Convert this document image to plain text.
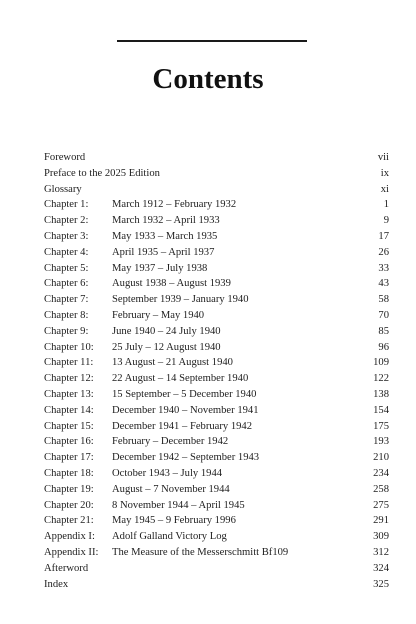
Contents
Foreword	vii
Preface to the 2025 Edition	ix
Glossary	xi
Chapter 1: March 1912 – February 1932	1
Chapter 2: March 1932 – April 1933	9
Chapter 3: May 1933 – March 1935	17
Chapter 4: April 1935 – April 1937	26
Chapter 5: May 1937 – July 1938	33
Chapter 6: August 1938 – August 1939	43
Chapter 7: September 1939 – January 1940	58
Chapter 8: February – May 1940	70
Chapter 9: June 1940 – 24 July 1940	85
Chapter 10: 25 July – 12 August 1940	96
Chapter 11: 13 August – 21 August 1940	109
Chapter 12: 22 August – 14 September 1940	122
Chapter 13: 15 September – 5 December 1940	138
Chapter 14: December 1940 – November 1941	154
Chapter 15: December 1941 – February 1942	175
Chapter 16: February – December 1942	193
Chapter 17: December 1942 – September 1943	210
Chapter 18: October 1943 – July 1944	234
Chapter 19: August – 7 November 1944	258
Chapter 20: 8 November 1944 – April 1945	275
Chapter 21: May 1945 – 9 February 1996	291
Appendix I: Adolf Galland Victory Log	309
Appendix II: The Measure of the Messerschmitt Bf109	312
Afterword	324
Index	325
